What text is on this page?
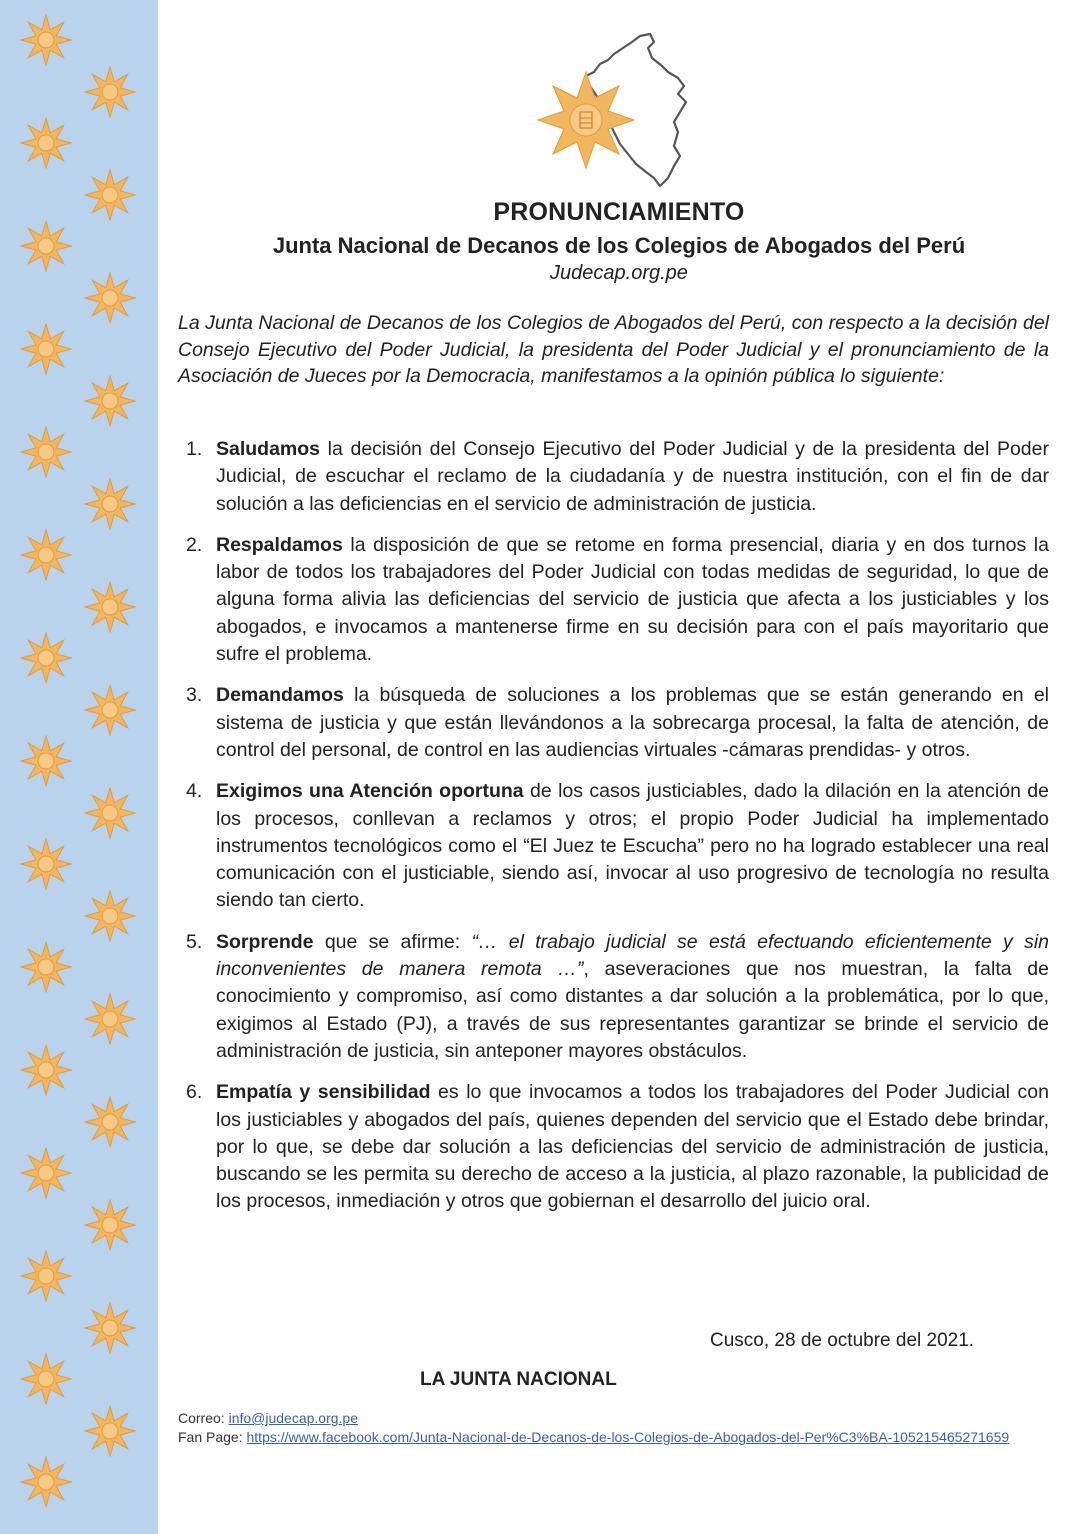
PRONUNCIAMIENTO
Junta Nacional de Decanos de los Colegios de Abogados del Perú
Judecap.org.pe
La Junta Nacional de Decanos de los Colegios de Abogados del Perú, con respecto a la decisión del Consejo Ejecutivo del Poder Judicial, la presidenta del Poder Judicial y el pronunciamiento de la Asociación de Jueces por la Democracia, manifestamos a la opinión pública lo siguiente:
1. Saludamos la decisión del Consejo Ejecutivo del Poder Judicial y de la presidenta del Poder Judicial, de escuchar el reclamo de la ciudadanía y de nuestra institución, con el fin de dar solución a las deficiencias en el servicio de administración de justicia.
2. Respaldamos la disposición de que se retome en forma presencial, diaria y en dos turnos la labor de todos los trabajadores del Poder Judicial con todas medidas de seguridad, lo que de alguna forma alivia las deficiencias del servicio de justicia que afecta a los justiciables y los abogados, e invocamos a mantenerse firme en su decisión para con el país mayoritario que sufre el problema.
3. Demandamos la búsqueda de soluciones a los problemas que se están generando en el sistema de justicia y que están llevándonos a la sobrecarga procesal, la falta de atención, de control del personal, de control en las audiencias virtuales -cámaras prendidas- y otros.
4. Exigimos una Atención oportuna de los casos justiciables, dado la dilación en la atención de los procesos, conllevan a reclamos y otros; el propio Poder Judicial ha implementado instrumentos tecnológicos como el “El Juez te Escucha” pero no ha logrado establecer una real comunicación con el justiciable, siendo así, invocar al uso progresivo de tecnología no resulta siendo tan cierto.
5. Sorprende que se afirme: “… el trabajo judicial se está efectuando eficientemente y sin inconvenientes de manera remota …”, aseveraciones que nos muestran, la falta de conocimiento y compromiso, así como distantes a dar solución a la problemática, por lo que, exigimos al Estado (PJ), a través de sus representantes garantizar se brinde el servicio de administración de justicia, sin anteponer mayores obstáculos.
6. Empatía y sensibilidad es lo que invocamos a todos los trabajadores del Poder Judicial con los justiciables y abogados del país, quienes dependen del servicio que el Estado debe brindar, por lo que, se debe dar solución a las deficiencias del servicio de administración de justicia, buscando se les permita su derecho de acceso a la justicia, al plazo razonable, la publicidad de los procesos, inmediación y otros que gobiernan el desarrollo del juicio oral.
Cusco, 28 de octubre del 2021.
LA JUNTA NACIONAL
Correo: info@judecap.org.pe
Fan Page: https://www.facebook.com/Junta-Nacional-de-Decanos-de-los-Colegios-de-Abogados-del-Per%C3%BA-105215465271659
